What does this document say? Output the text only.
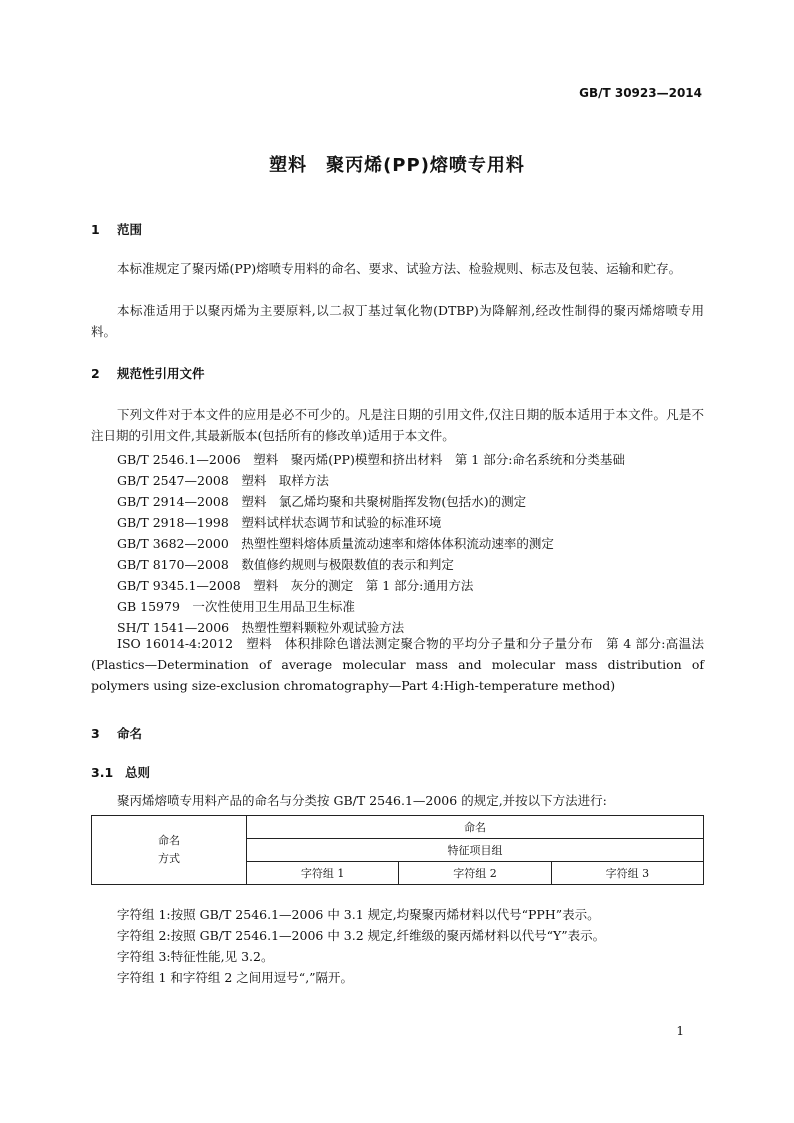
GB/T 30923—2014
塑料　聚丙烯(PP)熔喷专用料
1 范围
本标准规定了聚丙烯(PP)熔喷专用料的命名、要求、试验方法、检验规则、标志及包装、运输和贮存。
本标准适用于以聚丙烯为主要原料,以二叔丁基过氧化物(DTBP)为降解剂,经改性制得的聚丙烯熔喷专用料。
2 规范性引用文件
下列文件对于本文件的应用是必不可少的。凡是注日期的引用文件,仅注日期的版本适用于本文件。凡是不注日期的引用文件,其最新版本(包括所有的修改单)适用于本文件。
GB/T 2546.1—2006　塑料　聚丙烯(PP)模塑和挤出材料　第 1 部分:命名系统和分类基础
GB/T 2547—2008　塑料　取样方法
GB/T 2914—2008　塑料　氯乙烯均聚和共聚树脂挥发物(包括水)的测定
GB/T 2918—1998　塑料试样状态调节和试验的标准环境
GB/T 3682—2000　热塑性塑料熔体质量流动速率和熔体体积流动速率的测定
GB/T 8170—2008　数值修约规则与极限数值的表示和判定
GB/T 9345.1—2008　塑料　灰分的测定　第 1 部分:通用方法
GB 15979　一次性使用卫生用品卫生标准
SH/T 1541—2006　热塑性塑料颗粒外观试验方法
ISO 16014-4:2012　塑料　体积排除色谱法测定聚合物的平均分子量和分子量分布　第 4 部分:高温法(Plastics—Determination of average molecular mass and molecular mass distribution of polymers using size-exclusion chromatography—Part 4:High-temperature method)
3 命名
3.1 总则
聚丙烯熔喷专用料产品的命名与分类按 GB/T 2546.1—2006 的规定,并按以下方法进行:
命名
方式	命名		
	特征项目组		
	字符组 1	字符组 2	字符组 3
字符组 1:按照 GB/T 2546.1—2006 中 3.1 规定,均聚聚丙烯材料以代号“PPH”表示。
字符组 2:按照 GB/T 2546.1—2006 中 3.2 规定,纤维级的聚丙烯材料以代号“Y”表示。
字符组 3:特征性能,见 3.2。
字符组 1 和字符组 2 之间用逗号“,”隔开。
1
